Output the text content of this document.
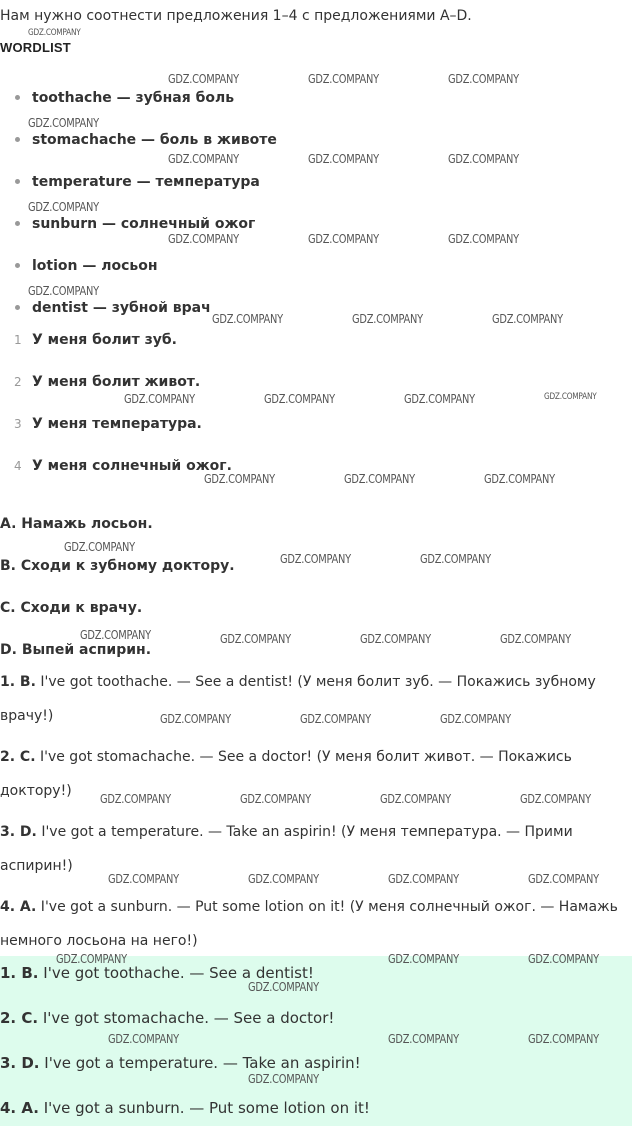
Нам нужно соотнести предложения 1–4 с предложениями A–D.
WORDLIST
toothache — зубная боль
stomachache — боль в животе
temperature — температура
sunburn — солнечный ожог
lotion — лосьон
dentist — зубной врач
1 У меня болит зуб.
2 У меня болит живот.
3 У меня температура.
4 У меня солнечный ожог.
A. Намажь лосьон.
B. Сходи к зубному доктору.
C. Сходи к врачу.
D. Выпей аспирин.
1. B. I've got toothache. — See a dentist! (У меня болит зуб. — Покажись зубному врачу!)
2. C. I've got stomachache. — See a doctor! (У меня болит живот. — Покажись доктору!)
3. D. I've got a temperature. — Take an aspirin! (У меня температура. — Прими аспирин!)
4. A. I've got a sunburn. — Put some lotion on it! (У меня солнечный ожог. — Намажь немного лосьона на него!)
1. B. I've got toothache. — See a dentist!
2. C. I've got stomachache. — See a doctor!
3. D. I've got a temperature. — Take an aspirin!
4. A. I've got a sunburn. — Put some lotion on it!
GDZ.COMPANY
GDZ.COMPANY	GDZ.COMPANY	GDZ.COMPANY
GDZ.COMPANY
GDZ.COMPANY	GDZ.COMPANY	GDZ.COMPANY
GDZ.COMPANY
GDZ.COMPANY	GDZ.COMPANY	GDZ.COMPANY
GDZ.COMPANY
GDZ.COMPANY	GDZ.COMPANY	GDZ.COMPANY
GDZ.COMPANY	GDZ.COMPANY	GDZ.COMPANY	GDZ.COMPANY
GDZ.COMPANY	GDZ.COMPANY	GDZ.COMPANY
GDZ.COMPANY
GDZ.COMPANY	GDZ.COMPANY
GDZ.COMPANY	GDZ.COMPANY	GDZ.COMPANY	GDZ.COMPANY
GDZ.COMPANY	GDZ.COMPANY	GDZ.COMPANY
GDZ.COMPANY	GDZ.COMPANY	GDZ.COMPANY	GDZ.COMPANY
GDZ.COMPANY	GDZ.COMPANY	GDZ.COMPANY	GDZ.COMPANY
GDZ.COMPANY	GDZ.COMPANY	GDZ.COMPANY
GDZ.COMPANY
GDZ.COMPANY	GDZ.COMPANY	GDZ.COMPANY
GDZ.COMPANY
